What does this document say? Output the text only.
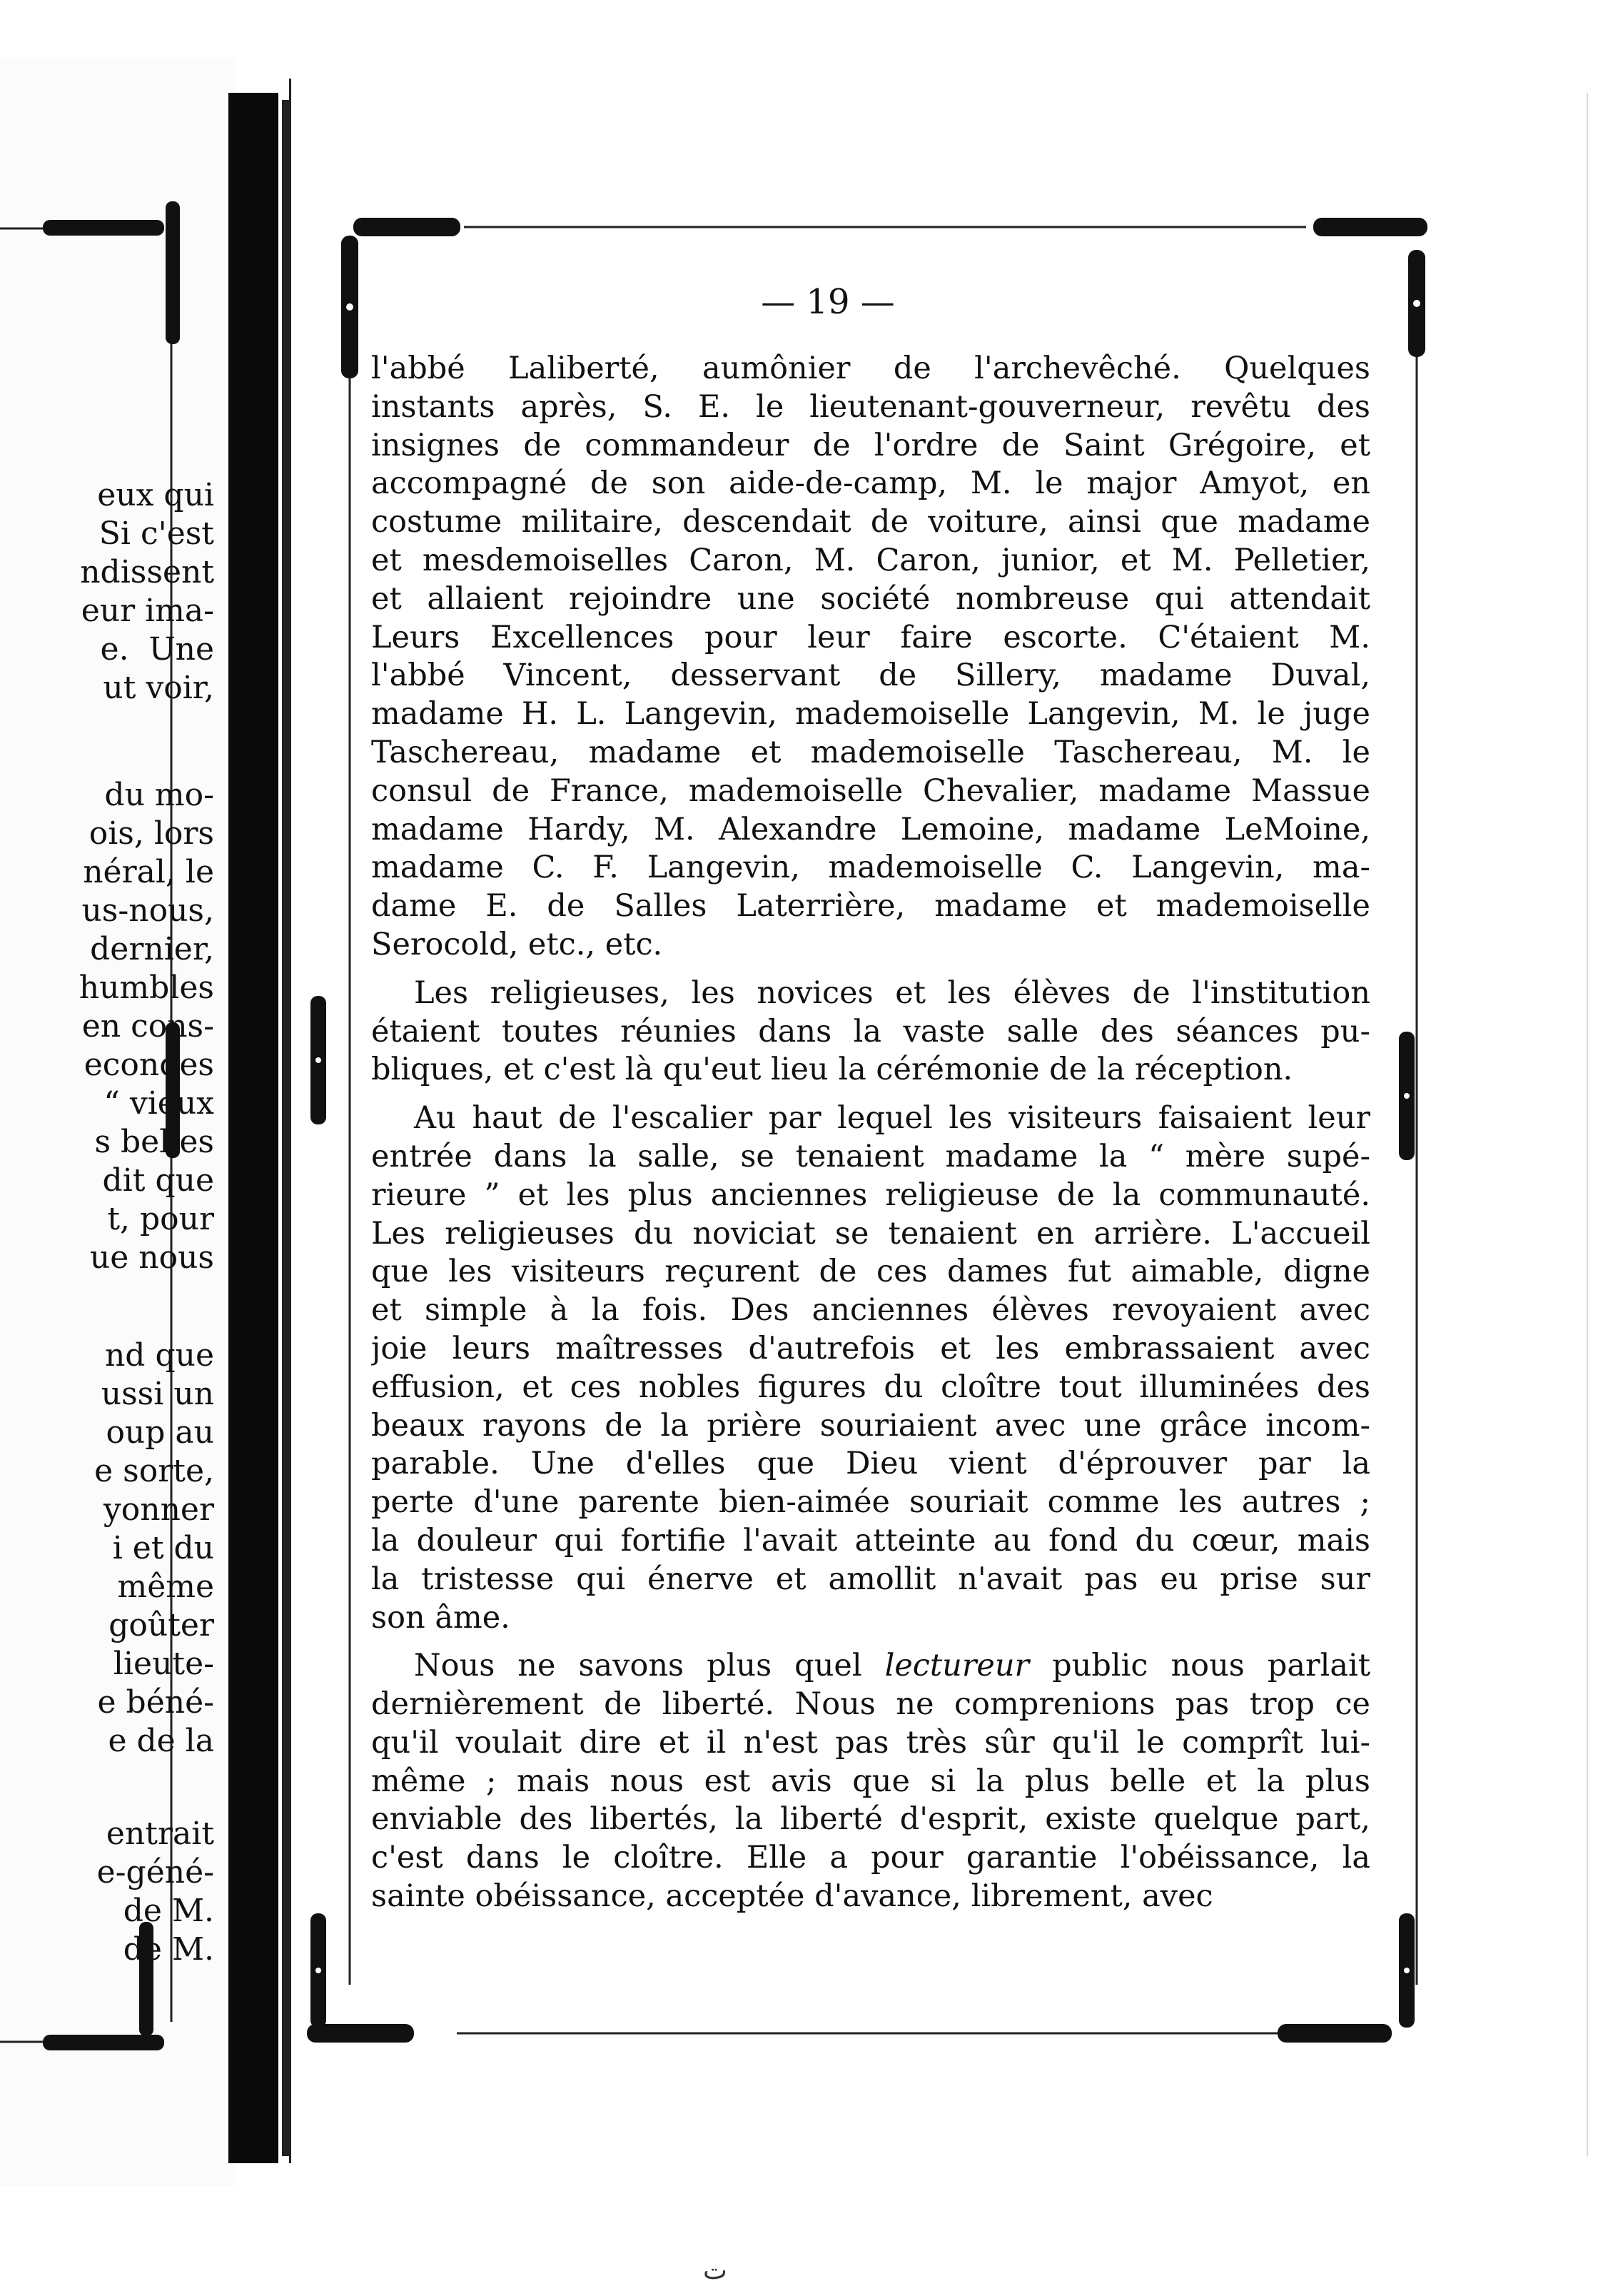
eux qui
Si c'est
ndissent
eur ima-
e.  Une
ut voir,
du mo-
ois, lors
néral, le
us-nous,
dernier,
humbles
en cons-
econdes
“ vieux
s belles
dit que
t, pour
ue nous
nd que
ussi un
oup au
e sorte,
yonner
i et du
même
goûter
lieute-
e béné-
e de la
entrait
e-géné-
de M.
de M.
— 19 —
l'abbé Laliberté, aumônier de l'archevêché. Quelques
instants après, S. E. le lieutenant-gouverneur, revêtu des
insignes de commandeur de l'ordre de Saint Grégoire, et
accompagné de son aide-de-camp, M. le major Amyot, en
costume militaire, descendait de voiture, ainsi que madame
et mesdemoiselles Caron, M. Caron, junior, et M. Pelletier,
et allaient rejoindre une société nombreuse qui attendait
Leurs Excellences pour leur faire escorte. C'étaient M.
l'abbé Vincent, desservant de Sillery, madame Duval,
madame H. L. Langevin, mademoiselle Langevin, M. le juge
Taschereau, madame et mademoiselle Taschereau, M. le
consul de France, mademoiselle Chevalier, madame Massue
madame Hardy, M. Alexandre Lemoine, madame LeMoine,
madame C. F. Langevin, mademoiselle C. Langevin, ma-
dame E. de Salles Laterrière, madame et mademoiselle
Serocold, etc., etc.
Les religieuses, les novices et les élèves de l'institution
étaient toutes réunies dans la vaste salle des séances pu-
bliques, et c'est là qu'eut lieu la cérémonie de la réception.
Au haut de l'escalier par lequel les visiteurs faisaient leur
entrée dans la salle, se tenaient madame la “ mère supé-
rieure ” et les plus anciennes religieuse de la communauté.
Les religieuses du noviciat se tenaient en arrière. L'accueil
que les visiteurs reçurent de ces dames fut aimable, digne
et simple à la fois. Des anciennes élèves revoyaient avec
joie leurs maîtresses d'autrefois et les embrassaient avec
effusion, et ces nobles figures du cloître tout illuminées des
beaux rayons de la prière souriaient avec une grâce incom-
parable. Une d'elles que Dieu vient d'éprouver par la
perte d'une parente bien-aimée souriait comme les autres ;
la douleur qui fortifie l'avait atteinte au fond du cœur, mais
la tristesse qui énerve et amollit n'avait pas eu prise sur
son âme.
Nous ne savons plus quel lectureur public nous parlait
dernièrement de liberté. Nous ne comprenions pas trop ce
qu'il voulait dire et il n'est pas très sûr qu'il le comprît lui-
même ; mais nous est avis que si la plus belle et la plus
enviable des libertés, la liberté d'esprit, existe quelque part,
c'est dans le cloître. Elle a pour garantie l'obéissance, la
sainte obéissance, acceptée d'avance, librement, avec
ت
